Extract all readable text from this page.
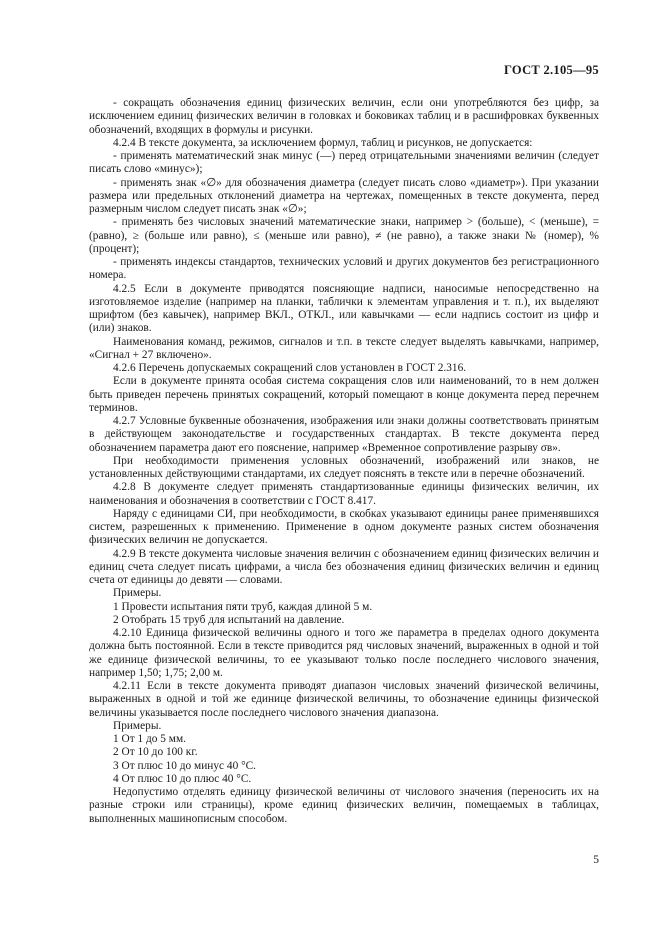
ГОСТ 2.105—95

- сокращать обозначения единиц физических величин, если они употребляются без цифр, за исключением единиц физических величин в головках и боковиках таблиц и в расшифровках буквенных обозначений, входящих в формулы и рисунки.

4.2.4 В тексте документа, за исключением формул, таблиц и рисунков, не допускается:

- применять математический знак минус (—) перед отрицательными значениями величин (следует писать слово «минус»);

- применять знак «∅» для обозначения диаметра (следует писать слово «диаметр»). При указании размера или предельных отклонений диаметра на чертежах, помещенных в тексте документа, перед размерным числом следует писать знак «∅»;

- применять без числовых значений математические знаки, например > (больше), < (меньше), = (равно), ≥ (больше или равно), ≤ (меньше или равно), ≠ (не равно), а также знаки № (номер), % (процент);

- применять индексы стандартов, технических условий и других документов без регистрационного номера.

4.2.5 Если в документе приводятся поясняющие надписи, наносимые непосредственно на изготовляемое изделие (например на планки, таблички к элементам управления и т. п.), их выделяют шрифтом (без кавычек), например ВКЛ., ОТКЛ., или кавычками — если надпись состоит из цифр и (или) знаков.

Наименования команд, режимов, сигналов и т.п. в тексте следует выделять кавычками, например, «Сигнал + 27 включено».

4.2.6 Перечень допускаемых сокращений слов установлен в ГОСТ 2.316.

Если в документе принята особая система сокращения слов или наименований, то в нем должен быть приведен перечень принятых сокращений, который помещают в конце документа перед перечнем терминов.

4.2.7 Условные буквенные обозначения, изображения или знаки должны соответствовать принятым в действующем законодательстве и государственных стандартах. В тексте документа перед обозначением параметра дают его пояснение, например «Временное сопротивление разрыву σв».

При необходимости применения условных обозначений, изображений или знаков, не установленных действующими стандартами, их следует пояснять в тексте или в перечне обозначений.

4.2.8 В документе следует применять стандартизованные единицы физических величин, их наименования и обозначения в соответствии с ГОСТ 8.417.

Наряду с единицами СИ, при необходимости, в скобках указывают единицы ранее применявшихся систем, разрешенных к применению. Применение в одном документе разных систем обозначения физических величин не допускается.

4.2.9 В тексте документа числовые значения величин с обозначением единиц физических величин и единиц счета следует писать цифрами, а числа без обозначения единиц физических величин и единиц счета от единицы до девяти — словами.

Примеры.

1 Провести испытания пяти труб, каждая длиной 5 м.

2 Отобрать 15 труб для испытаний на давление.

4.2.10 Единица физической величины одного и того же параметра в пределах одного документа должна быть постоянной. Если в тексте приводится ряд числовых значений, выраженных в одной и той же единице физической величины, то ее указывают только после последнего числового значения, например 1,50; 1,75; 2,00 м.

4.2.11 Если в тексте документа приводят диапазон числовых значений физической величины, выраженных в одной и той же единице физической величины, то обозначение единицы физической величины указывается после последнего числового значения диапазона.

Примеры.

1 От 1 до 5 мм.

2 От 10 до 100 кг.

3 От плюс 10 до минус 40 °С.

4 От плюс 10 до плюс 40 °С.

Недопустимо отделять единицу физической величины от числового значения (переносить их на разные строки или страницы), кроме единиц физических величин, помещаемых в таблицах, выполненных машинописным способом.

5
